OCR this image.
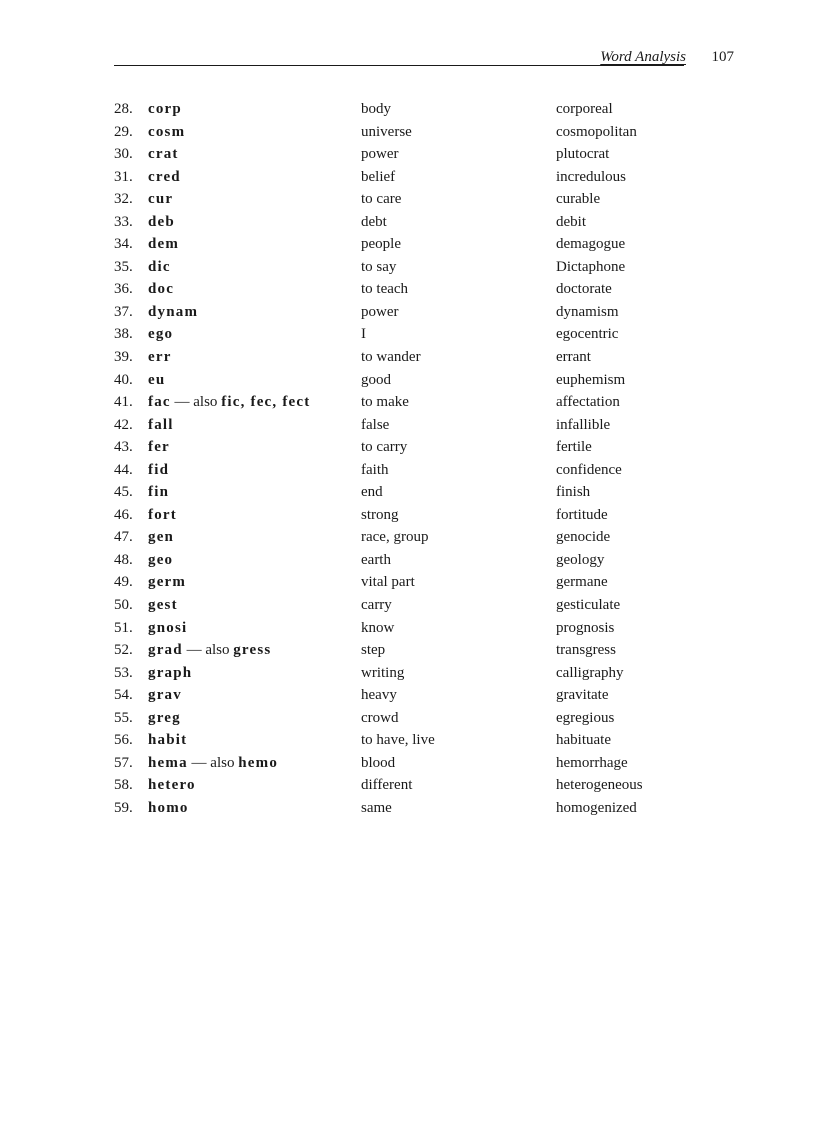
Word Analysis 107
28. corp	body	corporeal
29. cosm	universe	cosmopolitan
30. crat	power	plutocrat
31. cred	belief	incredulous
32. cur	to care	curable
33. deb	debt	debit
34. dem	people	demagogue
35. dic	to say	Dictaphone
36. doc	to teach	doctorate
37. dynam	power	dynamism
38. ego	I	egocentric
39. err	to wander	errant
40. eu	good	euphemism
41. fac — also fic, fec, fect	to make	affectation
42. fall	false	infallible
43. fer	to carry	fertile
44. fid	faith	confidence
45. fin	end	finish
46. fort	strong	fortitude
47. gen	race, group	genocide
48. geo	earth	geology
49. germ	vital part	germane
50. gest	carry	gesticulate
51. gnosi	know	prognosis
52. grad — also gress	step	transgress
53. graph	writing	calligraphy
54. grav	heavy	gravitate
55. greg	crowd	egregious
56. habit	to have, live	habituate
57. hema — also hemo	blood	hemorrhage
58. hetero	different	heterogeneous
59. homo	same	homogenized
